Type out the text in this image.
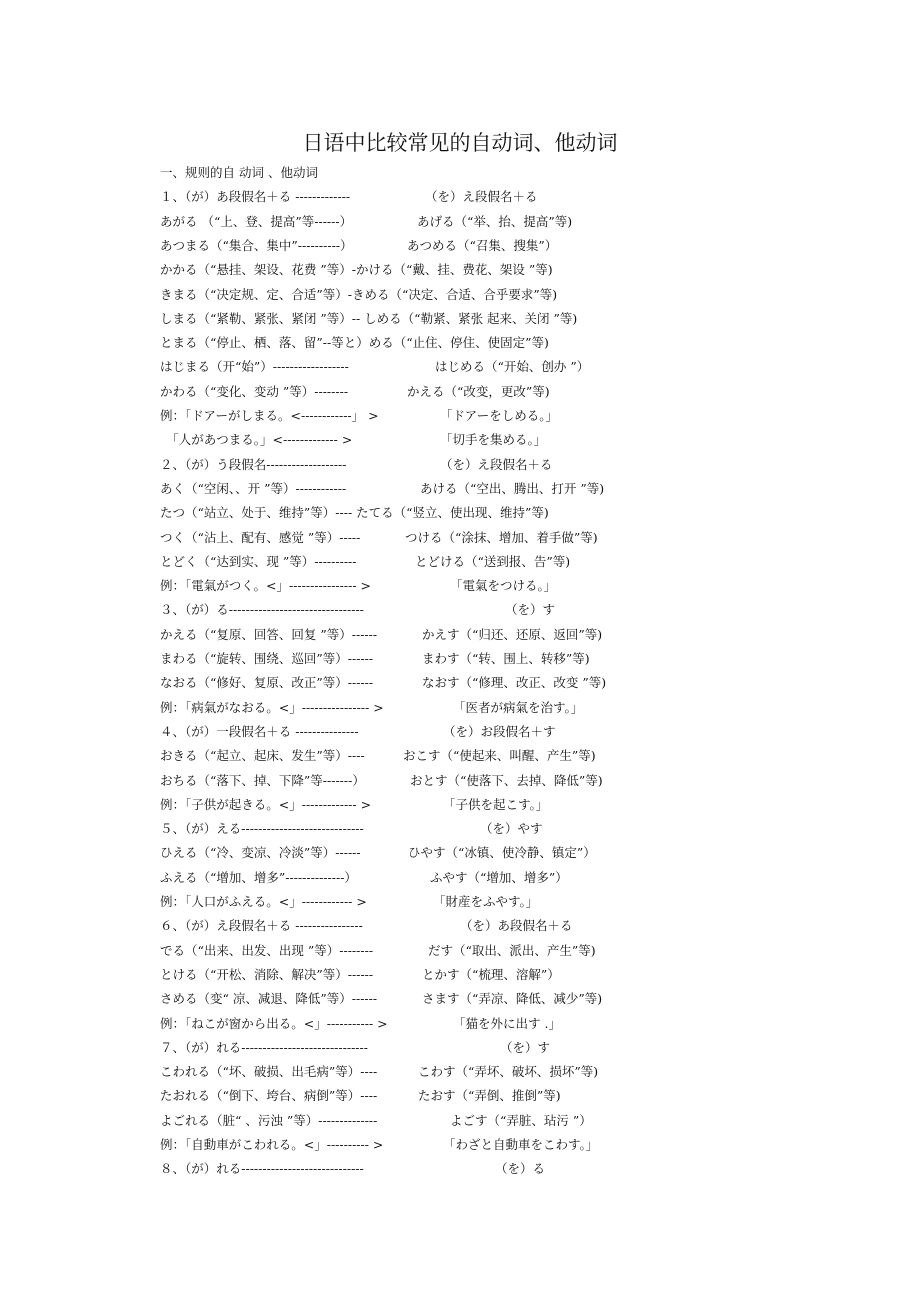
日语中比较常见的自动词、他动词
一、规则的自 动词 、他动词
１、（が）あ段假名＋る -------------	（を）え段假名＋る
あがる （“上、登、提高”等------）	あげる（“举、抬、提高”等)
あつまる（“集合、集中”----------）	あつめる（“召集、搜集”）
かかる（“悬挂、架设、花费 ”等）-かける（“戴、挂、费花、架设 ”等)
きまる（“决定规、定、合适”等）-きめる（“决定、合适、合乎要求”等)
しまる（“紧勒、紧张、紧闭 ”等）-- しめる（“勒紧、紧张 起来、关闭 ”等)
とまる（“停止、栖、落、留”--等と）める（“止住、停住、使固定”等)
はじまる（开“始”）------------------	はじめる（“开始、创办 ”）
かわる（“变化、变动 ”等）--------	かえる（“改变，更改”等)
例：「ドアーがしまる。<------------」 >	「ドアーをしめる。」
　「人があつまる。」<------------- >	「切手を集める。」
２、（が）う段假名-------------------	（を）え段假名＋る
あく（“空闲、、开 ”等）------------	あける（“空出、腾出、打开 ”等)
たつ（“站立、处于、维持”等）---- たてる（“竖立、使出现、维持”等)
つく（“沾上、配有、感觉 ”等）-----	つける（“涂抹、增加、着手做”等)
とどく（“达到实、现 ”等）----------	とどける（“送到报、告”等)
例：「電氣がつく。<」---------------- >	「電氣をつける。」
３、（が）る--------------------------------	（を）す
かえる（“复原、回答、回复 ”等）------	かえす（“归还、还原、返回”等)
まわる（“旋转、围绕、巡回”等）------	まわす（“转、围上、转移”等)
なおる（“修好、复原、改正”等）------	なおす（“修理、改正、改变 ”等)
例：「病氣がなおる。<」---------------- >	「医者が病氣を治す。」
４、（が）一段假名＋る ---------------	（を）お段假名＋す
おきる（“起立、起床、发生”等）----	おこす（“使起来、叫醒、产生”等)
おちる（“落下、掉、下降”等-------）	おとす（“使落下、去掉、降低”等)
例：「子供が起きる。<」------------- >	「子供を起こす。」
５、（が）える-----------------------------	（を）やす
ひえる（“冷、变凉、冷淡”等）------	ひやす（“冰镇、使冷静、镇定”）
ふえる（“增加、增多”--------------）	ふやす（“增加、增多”）
例：「人口がふえる。<」------------ >	「財産をふやす。」
６、（が）え段假名＋る ----------------	（を）あ段假名＋る
でる（“出来、出发、出现 ”等）--------	だす（“取出、派出、产生”等)
とける（“开松、消除、解决”等）------	とかす（“梳理、溶解”）
さめる（变“ 凉、减退、降低”等）------	さます（“弄凉、降低、减少”等)
例：「ねこが窗から出る。<」----------- >	「猫を外に出す .」
７、（が）れる------------------------------	（を）す
こわれる（“坏、破损、出毛病”等）----	こわす（“弄坏、破坏、损坏”等)
たおれる（“倒下、垮台、病倒”等）----	たおす（“弄倒、推倒”等)
よごれる（脏“ 、污浊 ”等）--------------	よごす（“弄脏、玷污 ”）
例：「自動車がこわれる。<」---------- >	「わざと自動車をこわす。」
８、（が）れる-----------------------------	（を）る
